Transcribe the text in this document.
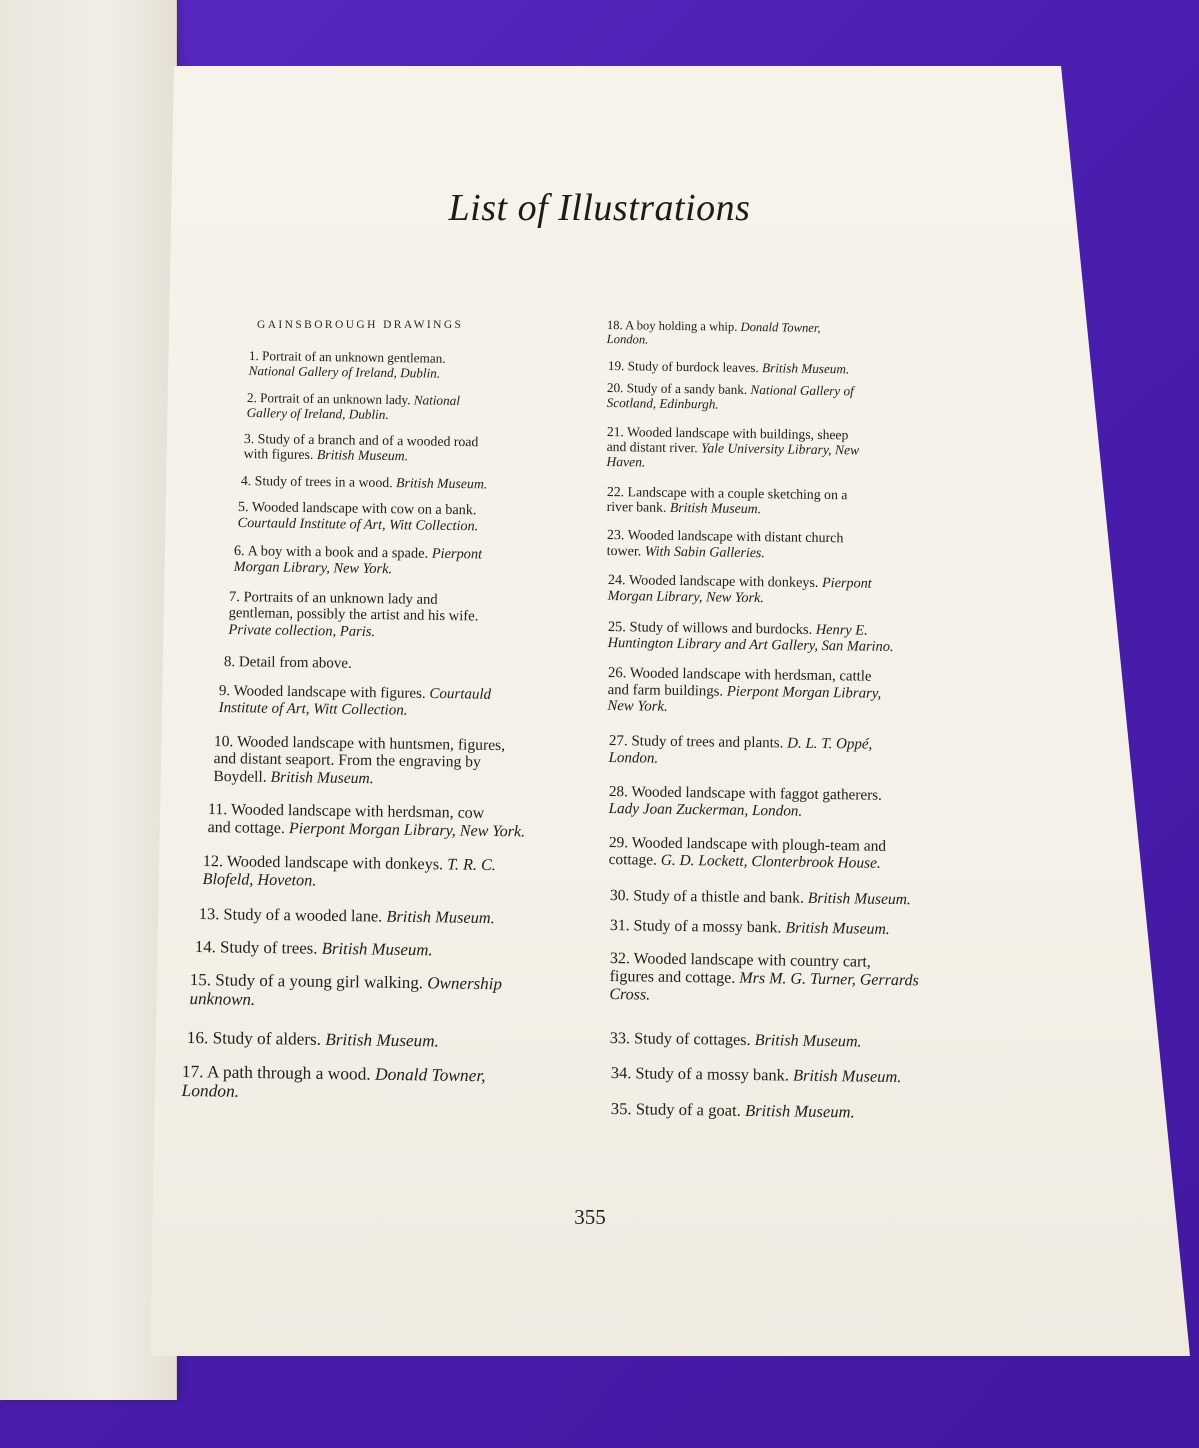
List of Illustrations
GAINSBOROUGH DRAWINGS
1. Portrait of an unknown gentleman.
National Gallery of Ireland, Dublin.
2. Portrait of an unknown lady. National
Gallery of Ireland, Dublin.
3. Study of a branch and of a wooded road
with figures. British Museum.
4. Study of trees in a wood. British Museum.
5. Wooded landscape with cow on a bank.
Courtauld Institute of Art, Witt Collection.
6. A boy with a book and a spade. Pierpont
Morgan Library, New York.
7. Portraits of an unknown lady and
gentleman, possibly the artist and his wife.
Private collection, Paris.
8. Detail from above.
9. Wooded landscape with figures. Courtauld
Institute of Art, Witt Collection.
10. Wooded landscape with huntsmen, figures,
and distant seaport. From the engraving by
Boydell. British Museum.
11. Wooded landscape with herdsman, cow
and cottage. Pierpont Morgan Library, New York.
12. Wooded landscape with donkeys. T. R. C.
Blofeld, Hoveton.
13. Study of a wooded lane. British Museum.
14. Study of trees. British Museum.
15. Study of a young girl walking. Ownership
unknown.
16. Study of alders. British Museum.
17. A path through a wood. Donald Towner,
London.
18. A boy holding a whip. Donald Towner,
London.
19. Study of burdock leaves. British Museum.
20. Study of a sandy bank. National Gallery of
Scotland, Edinburgh.
21. Wooded landscape with buildings, sheep
and distant river. Yale University Library, New
Haven.
22. Landscape with a couple sketching on a
river bank. British Museum.
23. Wooded landscape with distant church
tower. With Sabin Galleries.
24. Wooded landscape with donkeys. Pierpont
Morgan Library, New York.
25. Study of willows and burdocks. Henry E.
Huntington Library and Art Gallery, San Marino.
26. Wooded landscape with herdsman, cattle
and farm buildings. Pierpont Morgan Library,
New York.
27. Study of trees and plants. D. L. T. Oppé,
London.
28. Wooded landscape with faggot gatherers.
Lady Joan Zuckerman, London.
29. Wooded landscape with plough-team and
cottage. G. D. Lockett, Clonterbrook House.
30. Study of a thistle and bank. British Museum.
31. Study of a mossy bank. British Museum.
32. Wooded landscape with country cart,
figures and cottage. Mrs M. G. Turner, Gerrards
Cross.
33. Study of cottages. British Museum.
34. Study of a mossy bank. British Museum.
35. Study of a goat. British Museum.
355
